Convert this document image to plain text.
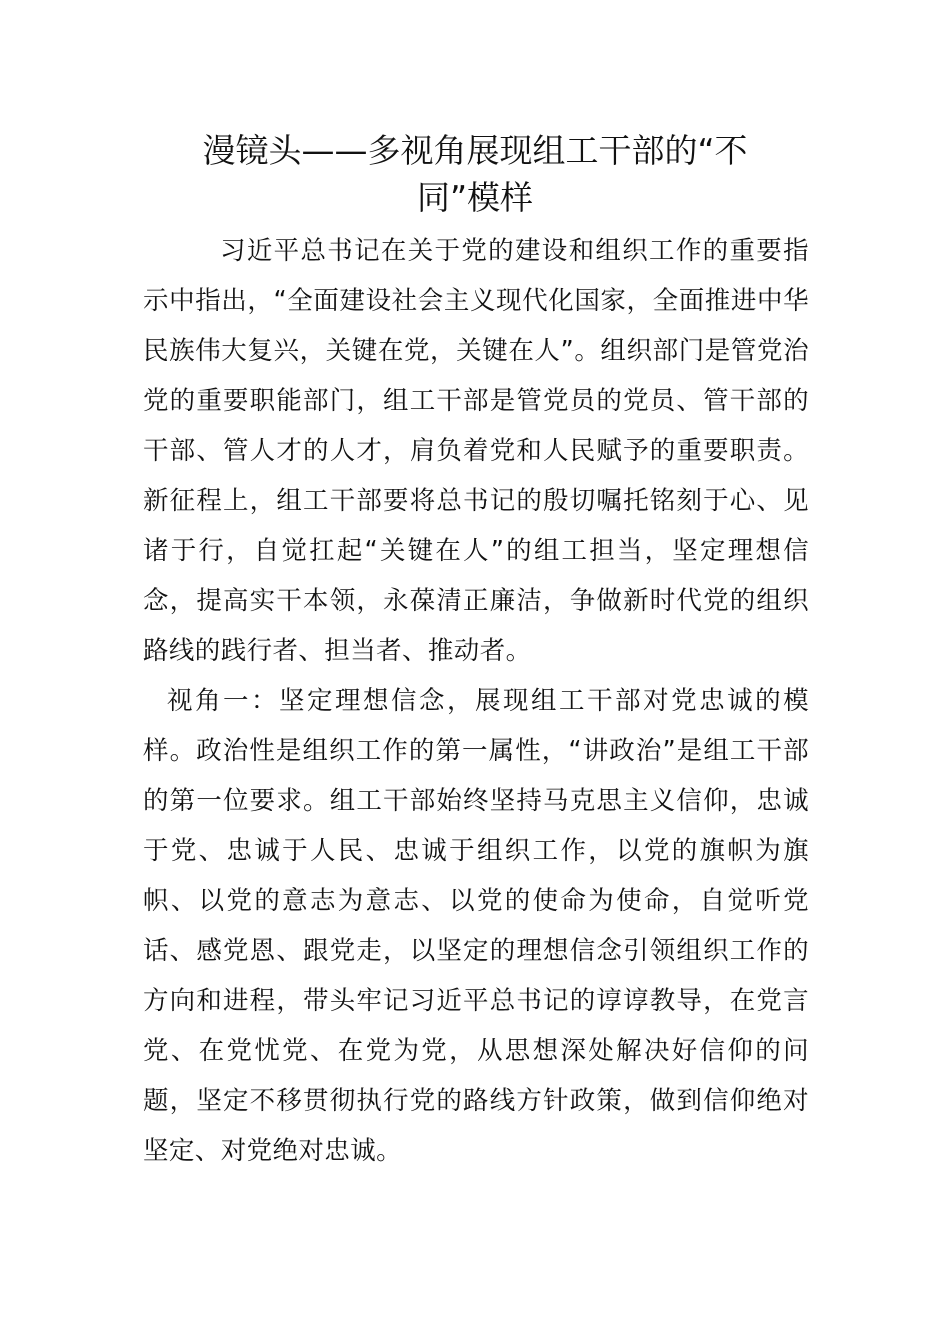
漫镜头——多视角展现组工干部的“不
同”模样

习近平总书记在关于党的建设和组织工作的重要指示中指出，“全面建设社会主义现代化国家，全面推进中华民族伟大复兴，关键在党，关键在人”。组织部门是管党治党的重要职能部门，组工干部是管党员的党员、管干部的干部、管人才的人才，肩负着党和人民赋予的重要职责。新征程上，组工干部要将总书记的殷切嘱托铭刻于心、见诸于行，自觉扛起“关键在人”的组工担当，坚定理想信念，提高实干本领，永葆清正廉洁，争做新时代党的组织路线的践行者、担当者、推动者。

视角一：坚定理想信念，展现组工干部对党忠诚的模样。政治性是组织工作的第一属性，“讲政治”是组工干部的第一位要求。组工干部始终坚持马克思主义信仰，忠诚于党、忠诚于人民、忠诚于组织工作，以党的旗帜为旗帜、以党的意志为意志、以党的使命为使命，自觉听党话、感党恩、跟党走，以坚定的理想信念引领组织工作的方向和进程，带头牢记习近平总书记的谆谆教导，在党言党、在党忧党、在党为党，从思想深处解决好信仰的问题，坚定不移贯彻执行党的路线方针政策，做到信仰绝对坚定、对党绝对忠诚。
